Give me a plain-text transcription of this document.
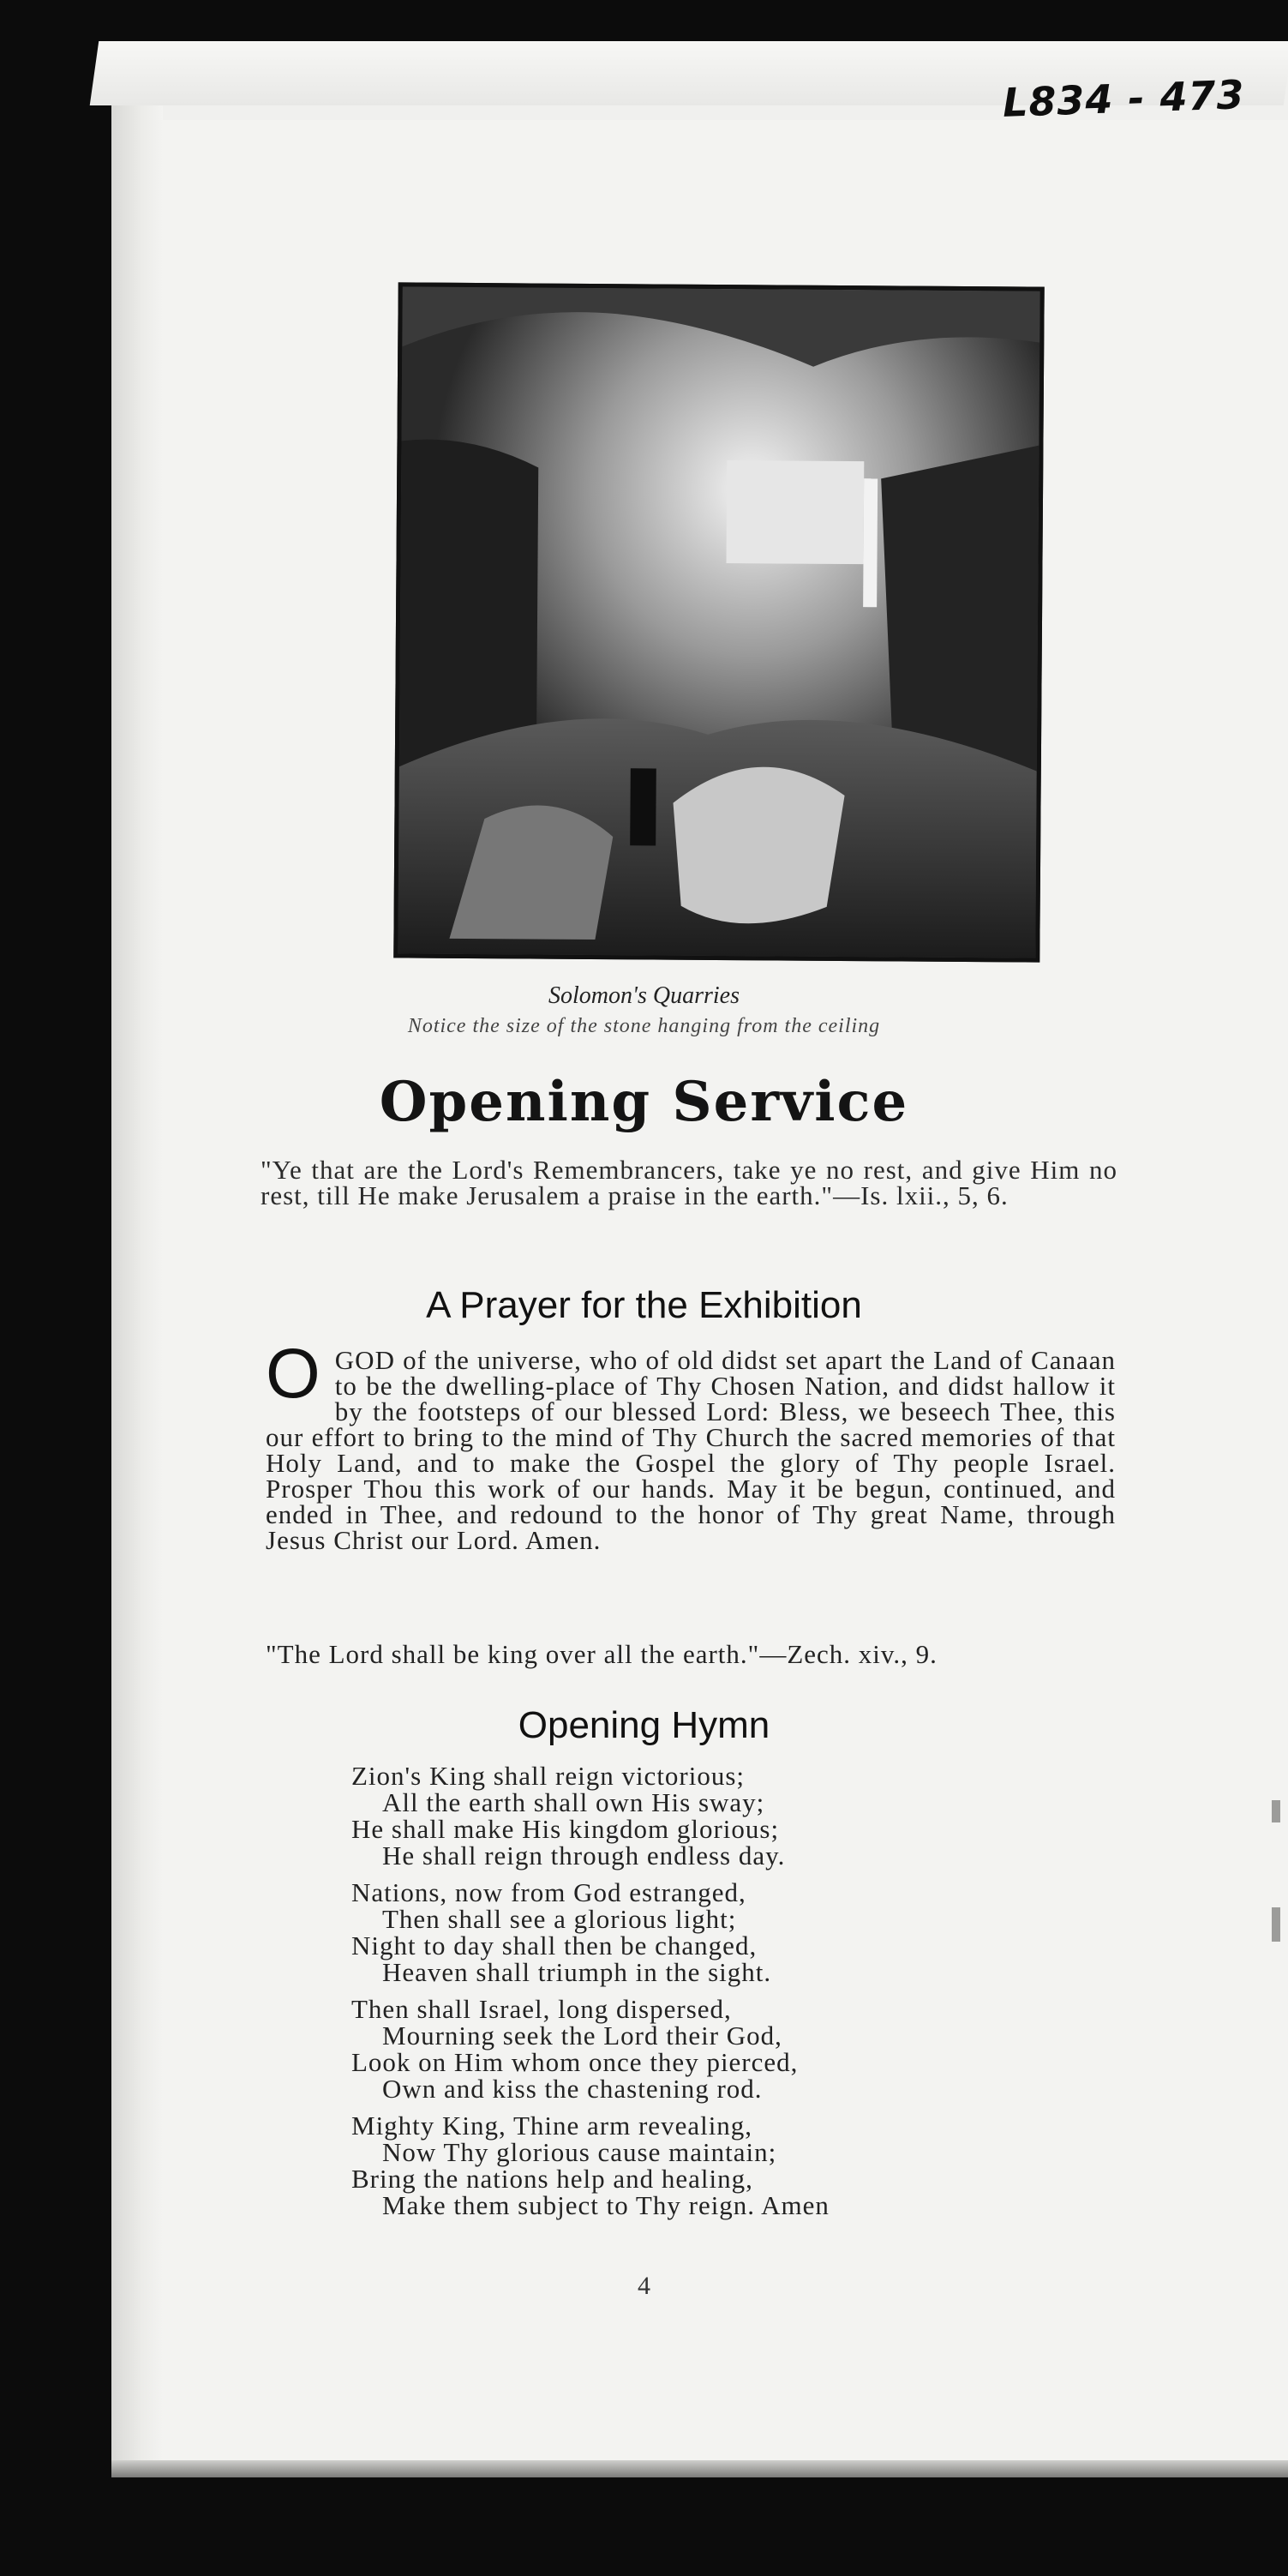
L834 - 473
Solomon's Quarries
Notice the size of the stone hanging from the ceiling
Opening Service
"Ye that are the Lord's Remembrancers, take ye no rest, and give Him no rest, till He make Jerusalem a praise in the earth."—Is. lxii., 5, 6.
A Prayer for the Exhibition
O GOD of the universe, who of old didst set apart the Land of Canaan to be the dwelling-place of Thy Chosen Nation, and didst hallow it by the footsteps of our blessed Lord: Bless, we beseech Thee, this our effort to bring to the mind of Thy Church the sacred memories of that Holy Land, and to make the Gospel the glory of Thy people Israel. Prosper Thou this work of our hands. May it be begun, continued, and ended in Thee, and redound to the honor of Thy great Name, through Jesus Christ our Lord. Amen.
"The Lord shall be king over all the earth."—Zech. xiv., 9.
Opening Hymn
Zion's King shall reign victorious;
All the earth shall own His sway;
He shall make His kingdom glorious;
He shall reign through endless day.
Nations, now from God estranged,
Then shall see a glorious light;
Night to day shall then be changed,
Heaven shall triumph in the sight.
Then shall Israel, long dispersed,
Mourning seek the Lord their God,
Look on Him whom once they pierced,
Own and kiss the chastening rod.
Mighty King, Thine arm revealing,
Now Thy glorious cause maintain;
Bring the nations help and healing,
Make them subject to Thy reign. Amen
4
